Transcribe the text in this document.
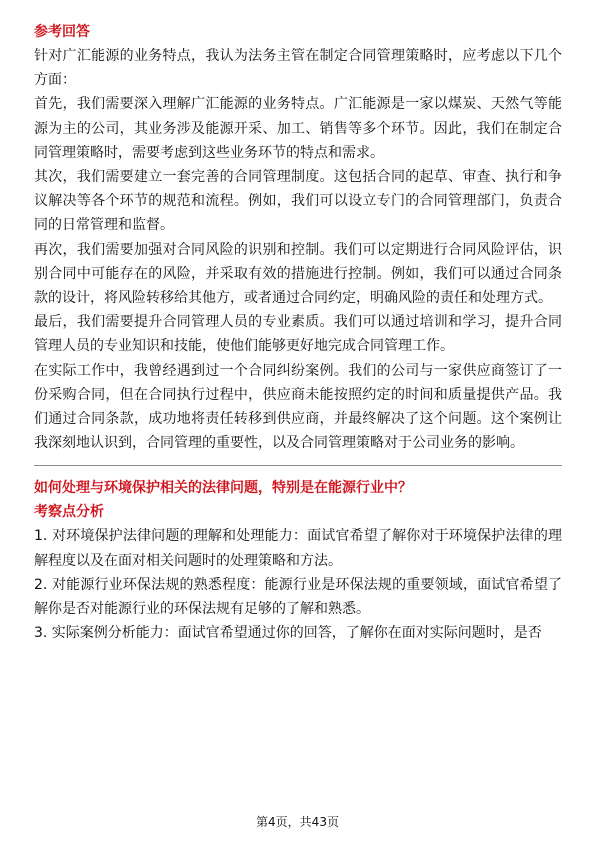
参考回答

针对广汇能源的业务特点，我认为法务主管在制定合同管理策略时，应考虑以下几个方面：

首先，我们需要深入理解广汇能源的业务特点。广汇能源是一家以煤炭、天然气等能源为主的公司，其业务涉及能源开采、加工、销售等多个环节。因此，我们在制定合同管理策略时，需要考虑到这些业务环节的特点和需求。

其次，我们需要建立一套完善的合同管理制度。这包括合同的起草、审查、执行和争议解决等各个环节的规范和流程。例如，我们可以设立专门的合同管理部门，负责合同的日常管理和监督。

再次，我们需要加强对合同风险的识别和控制。我们可以定期进行合同风险评估，识别合同中可能存在的风险，并采取有效的措施进行控制。例如，我们可以通过合同条款的设计，将风险转移给其他方，或者通过合同约定，明确风险的责任和处理方式。

最后，我们需要提升合同管理人员的专业素质。我们可以通过培训和学习，提升合同管理人员的专业知识和技能，使他们能够更好地完成合同管理工作。

在实际工作中，我曾经遇到过一个合同纠纷案例。我们的公司与一家供应商签订了一份采购合同，但在合同执行过程中，供应商未能按照约定的时间和质量提供产品。我们通过合同条款，成功地将责任转移到供应商，并最终解决了这个问题。这个案例让我深刻地认识到，合同管理的重要性，以及合同管理策略对于公司业务的影响。

如何处理与环境保护相关的法律问题，特别是在能源行业中？

考察点分析

1. 对环境保护法律问题的理解和处理能力：面试官希望了解你对于环境保护法律的理解程度以及在面对相关问题时的处理策略和方法。

2. 对能源行业环保法规的熟悉程度：能源行业是环保法规的重要领域，面试官希望了解你是否对能源行业的环保法规有足够的了解和熟悉。

3. 实际案例分析能力：面试官希望通过你的回答，了解你在面对实际问题时，是否

第4页，共43页
